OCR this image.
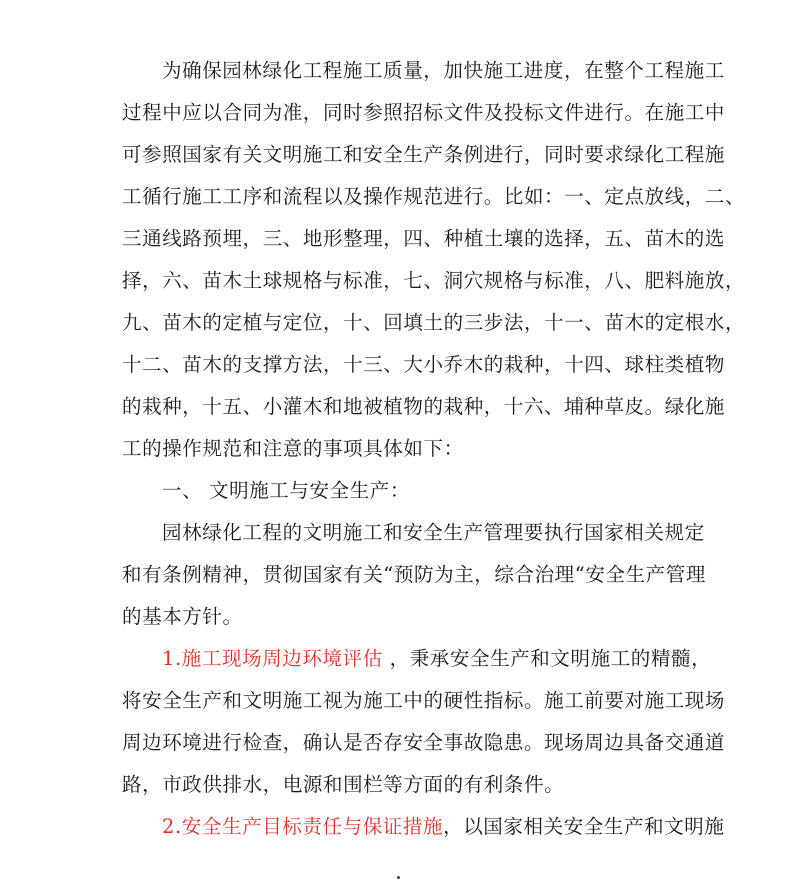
为确保园林绿化工程施工质量，加快施工进度，在整个工程施工
过程中应以合同为准，同时参照招标文件及投标文件进行。在施工中
可参照国家有关文明施工和安全生产条例进行，同时要求绿化工程施
工循行施工工序和流程以及操作规范进行。比如：一、定点放线，二、
三通线路预埋，三、地形整理，四、种植土壤的选择，五、苗木的选
择，六、苗木土球规格与标准，七、洞穴规格与标准，八、肥料施放，
九、苗木的定植与定位，十、回填土的三步法，十一、苗木的定根水，
十二、苗木的支撑方法，十三、大小乔木的栽种，十四、球柱类植物
的栽种，十五、小灌木和地被植物的栽种，十六、埔种草皮。绿化施
工的操作规范和注意的事项具体如下：
一、 文明施工与安全生产：
园林绿化工程的文明施工和安全生产管理要执行国家相关规定
和有条例精神，贯彻国家有关“预防为主，综合治理“安全生产管理
的基本方针。
1.施工现场周边环境评估 ，秉承安全生产和文明施工的精髓，
将安全生产和文明施工视为施工中的硬性指标。施工前要对施工现场
周边环境进行检查，确认是否存安全事故隐患。现场周边具备交通道
路，市政供排水，电源和围栏等方面的有利条件。
2.安全生产目标责任与保证措施，以国家相关安全生产和文明施
